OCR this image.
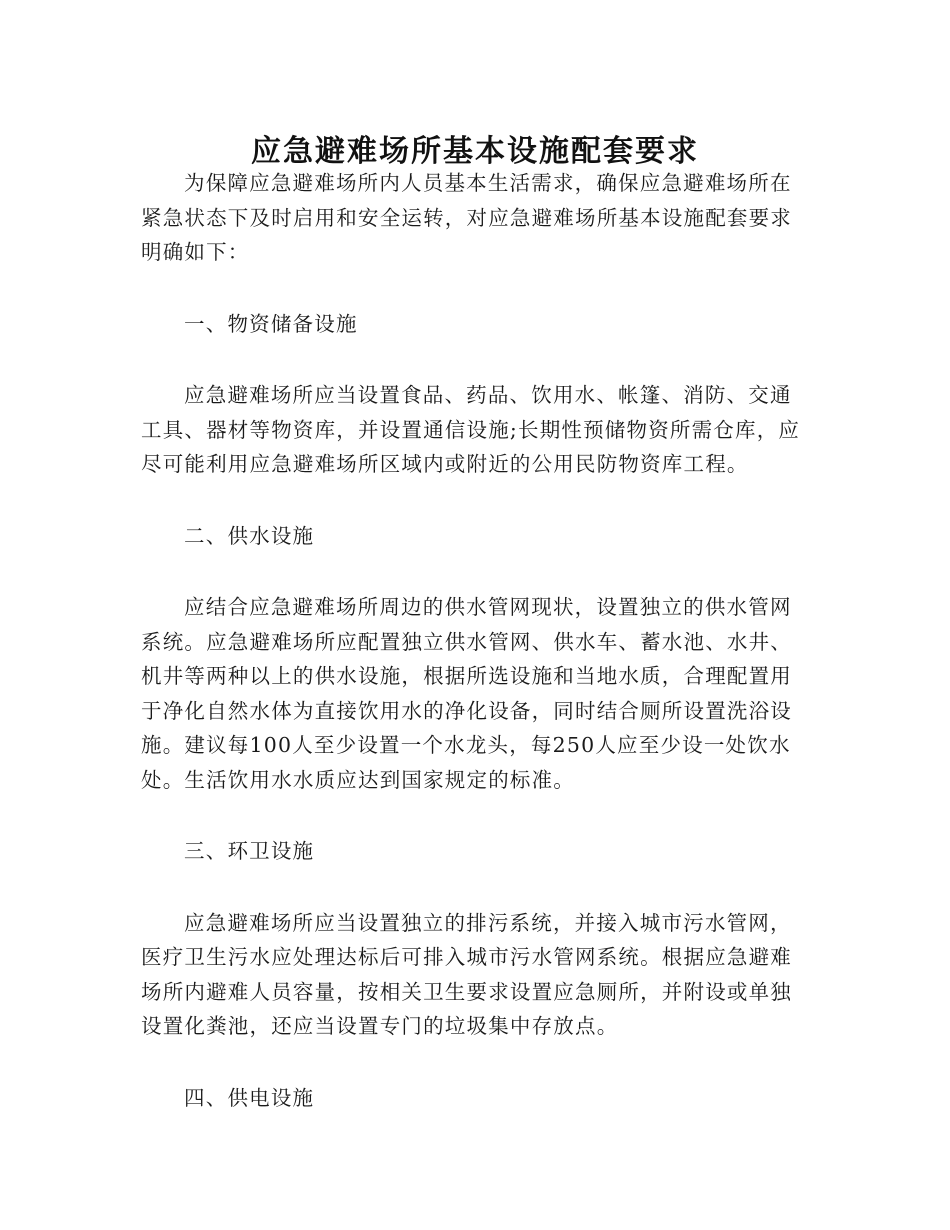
应急避难场所基本设施配套要求

为保障应急避难场所内人员基本生活需求，确保应急避难场所在紧急状态下及时启用和安全运转，对应急避难场所基本设施配套要求明确如下：

一、物资储备设施

应急避难场所应当设置食品、药品、饮用水、帐篷、消防、交通工具、器材等物资库，并设置通信设施;长期性预储物资所需仓库，应尽可能利用应急避难场所区域内或附近的公用民防物资库工程。

二、供水设施

应结合应急避难场所周边的供水管网现状，设置独立的供水管网系统。应急避难场所应配置独立供水管网、供水车、蓄水池、水井、机井等两种以上的供水设施，根据所选设施和当地水质，合理配置用于净化自然水体为直接饮用水的净化设备，同时结合厕所设置洗浴设施。建议每100人至少设置一个水龙头，每250人应至少设一处饮水处。生活饮用水水质应达到国家规定的标准。

三、环卫设施

应急避难场所应当设置独立的排污系统，并接入城市污水管网，医疗卫生污水应处理达标后可排入城市污水管网系统。根据应急避难场所内避难人员容量，按相关卫生要求设置应急厕所，并附设或单独设置化粪池，还应当设置专门的垃圾集中存放点。

四、供电设施
